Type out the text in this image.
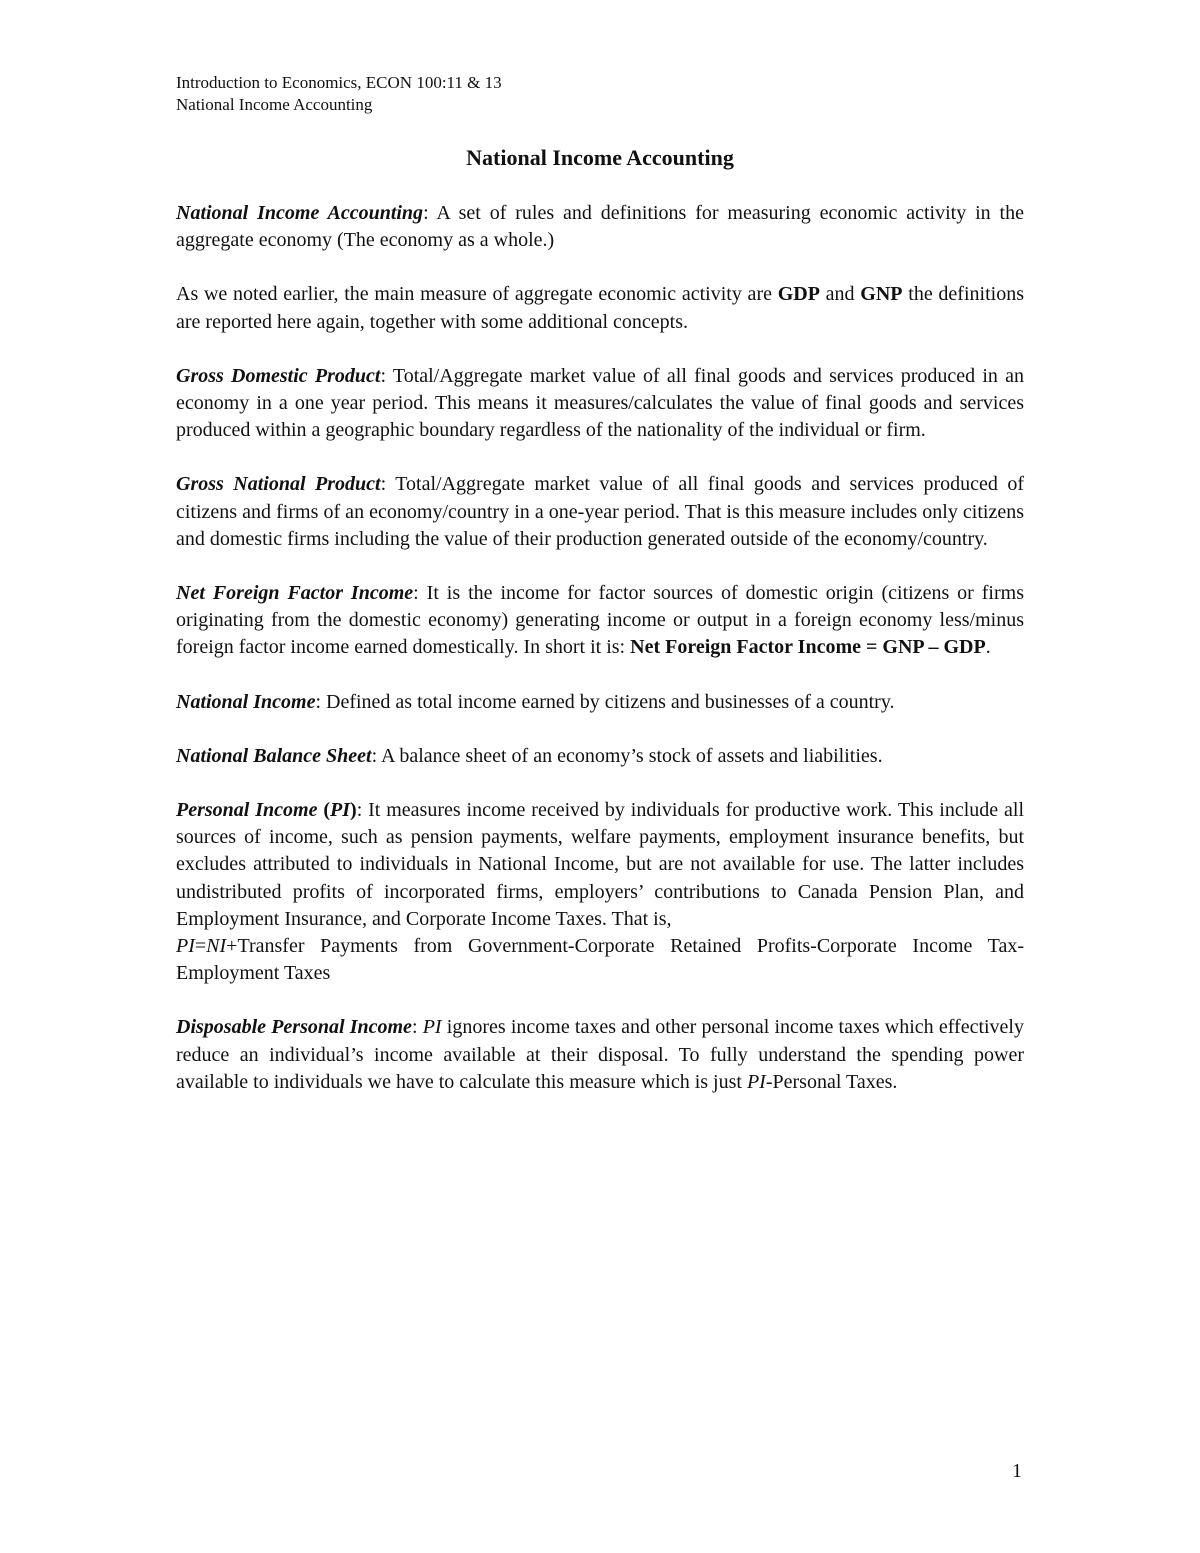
Introduction to Economics, ECON 100:11 & 13
National Income Accounting
National Income Accounting

National Income Accounting: A set of rules and definitions for measuring economic activity in the aggregate economy (The economy as a whole.)

As we noted earlier, the main measure of aggregate economic activity are GDP and GNP the definitions are reported here again, together with some additional concepts.

Gross Domestic Product: Total/Aggregate market value of all final goods and services produced in an economy in a one year period. This means it measures/calculates the value of final goods and services produced within a geographic boundary regardless of the nationality of the individual or firm.

Gross National Product: Total/Aggregate market value of all final goods and services produced of citizens and firms of an economy/country in a one-year period. That is this measure includes only citizens and domestic firms including the value of their production generated outside of the economy/country.

Net Foreign Factor Income: It is the income for factor sources of domestic origin (citizens or firms originating from the domestic economy) generating income or output in a foreign economy less/minus foreign factor income earned domestically. In short it is: Net Foreign Factor Income = GNP – GDP.

National Income: Defined as total income earned by citizens and businesses of a country.

National Balance Sheet: A balance sheet of an economy’s stock of assets and liabilities.

Personal Income (PI): It measures income received by individuals for productive work. This include all sources of income, such as pension payments, welfare payments, employment insurance benefits, but excludes attributed to individuals in National Income, but are not available for use. The latter includes undistributed profits of incorporated firms, employers’ contributions to Canada Pension Plan, and Employment Insurance, and Corporate Income Taxes. That is,
PI=NI+Transfer Payments from Government-Corporate Retained Profits-Corporate Income Tax-Employment Taxes

Disposable Personal Income: PI ignores income taxes and other personal income taxes which effectively reduce an individual’s income available at their disposal. To fully understand the spending power available to individuals we have to calculate this measure which is just PI-Personal Taxes.

1
